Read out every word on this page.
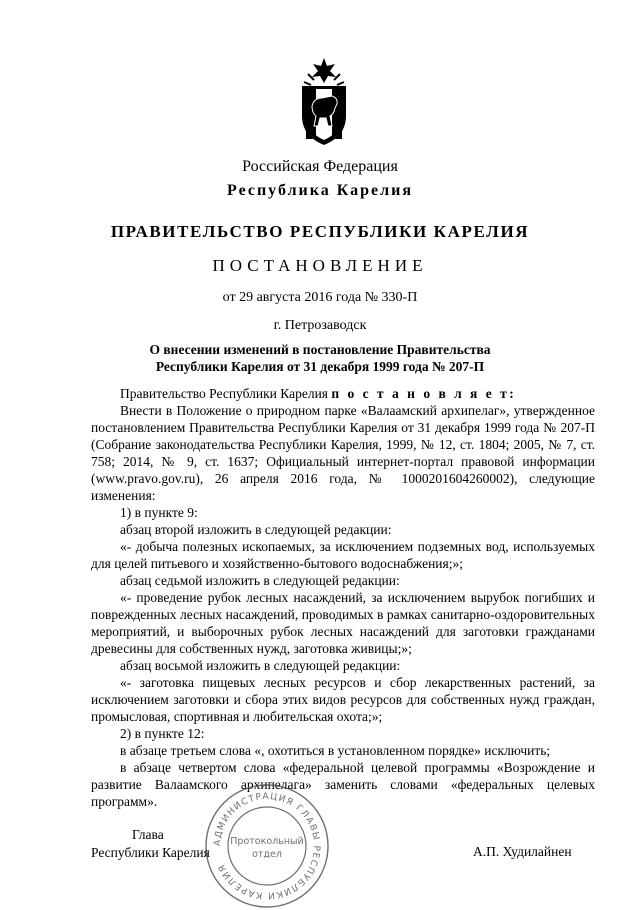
Российская Федерация
Республика Карелия
ПРАВИТЕЛЬСТВО РЕСПУБЛИКИ КАРЕЛИЯ
ПОСТАНОВЛЕНИЕ
от 29 августа 2016 года № 330-П
г. Петрозаводск
О внесении изменений в постановление Правительства
Республики Карелия от 31 декабря 1999 года № 207-П

Правительство Республики Карелия п о с т а н о в л я е т:

Внести в Положение о природном парке «Валаамский архипелаг», утвержденное постановлением Правительства Республики Карелия от 31 декабря 1999 года № 207-П (Собрание законодательства Республики Карелия, 1999, № 12, ст. 1804; 2005, № 7, ст. 758; 2014, № 9, ст. 1637; Официальный интернет-портал правовой информации (www.pravo.gov.ru), 26 апреля 2016 года, № 1000201604260002), следующие изменения:

1) в пункте 9:

абзац второй изложить в следующей редакции:

«- добыча полезных ископаемых, за исключением подземных вод, используемых для целей питьевого и хозяйственно-бытового водоснабжения;»;

абзац седьмой изложить в следующей редакции:

«- проведение рубок лесных насаждений, за исключением вырубок погибших и поврежденных лесных насаждений, проводимых в рамках санитарно-оздоровительных мероприятий, и выборочных рубок лесных насаждений для заготовки гражданами древесины для собственных нужд, заготовка живицы;»;

абзац восьмой изложить в следующей редакции:

«- заготовка пищевых лесных ресурсов и сбор лекарственных растений, за исключением заготовки и сбора этих видов ресурсов для собственных нужд граждан, промысловая, спортивная и любительская охота;»;

2) в пункте 12:

в абзаце третьем слова «, охотиться в установленном порядке» исключить;

в абзаце четвертом слова «федеральной целевой программы «Возрождение и развитие Валаамского архипелага» заменить словами «федеральных целевых программ».

АДМИНИСТРАЦИЯ ГЛАВЫ РЕСПУБЛИКИ КАРЕЛИЯ
Протокольный
отдел
Глава
Республики Карелия	А.П. Худилайнен
